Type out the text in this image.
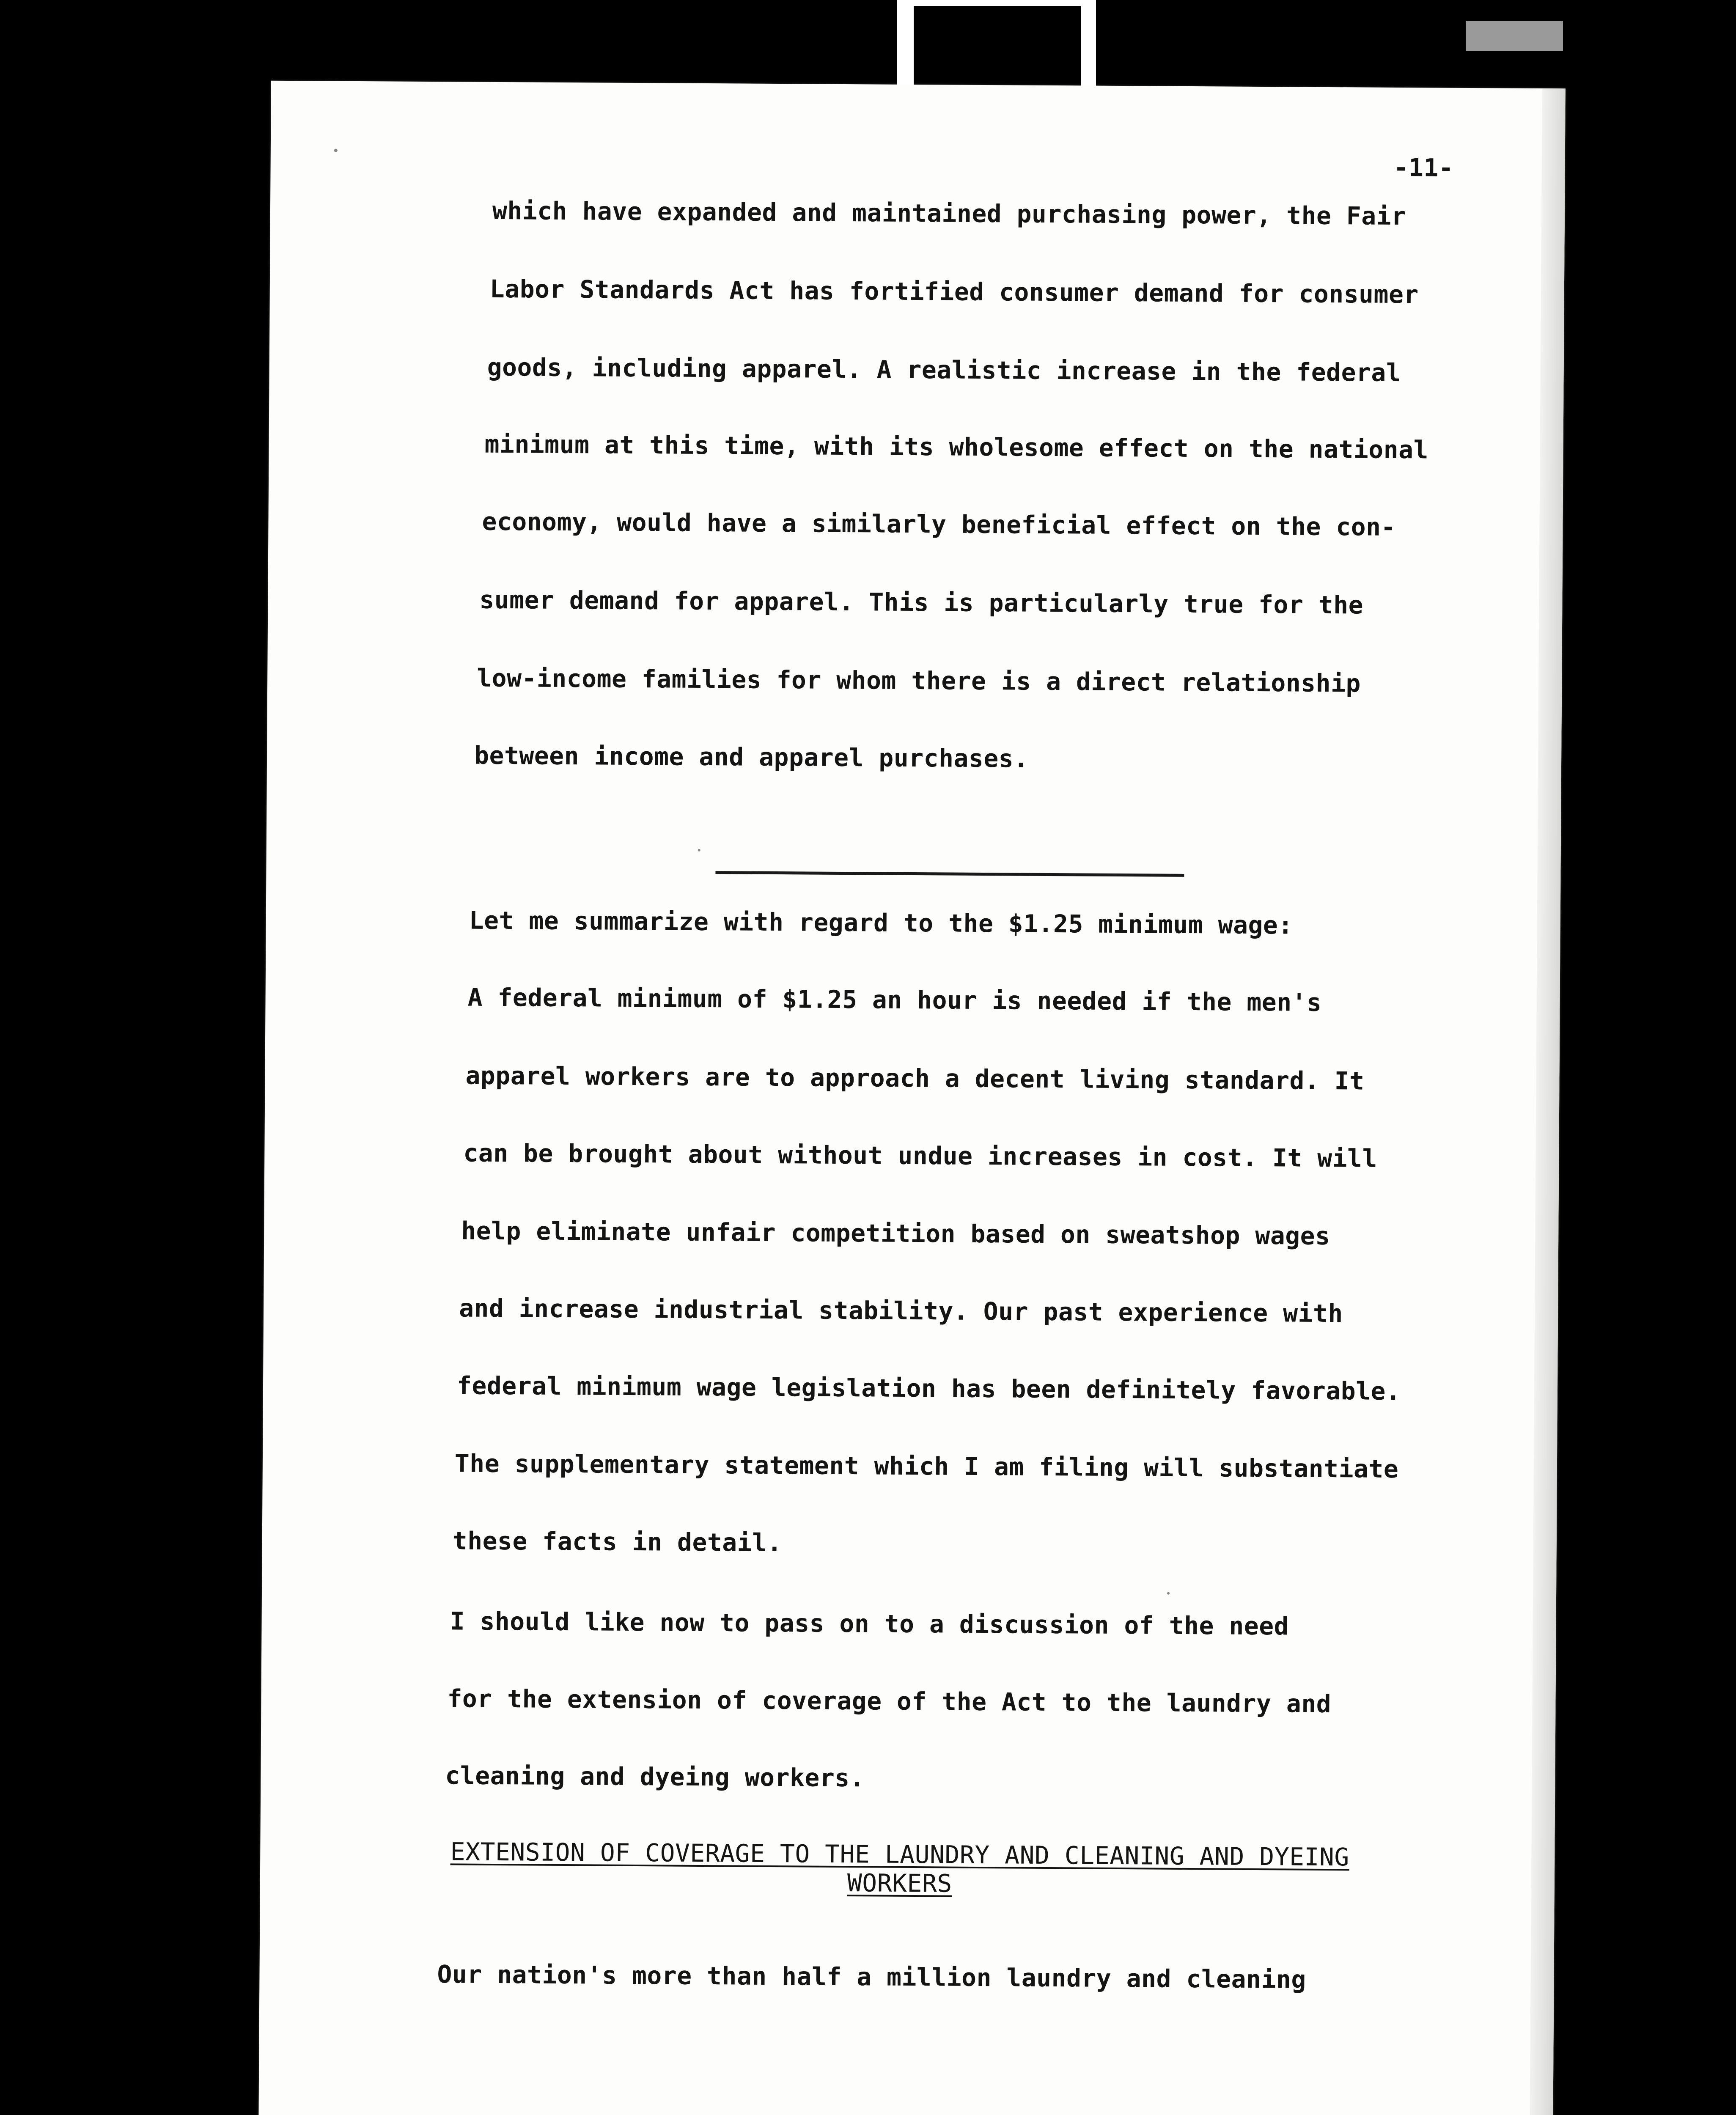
-11-
which have expanded and maintained purchasing power, the Fair
Labor Standards Act has fortified consumer demand for consumer
goods, including apparel. A realistic increase in the federal
minimum at this time, with its wholesome effect on the national
economy, would have a similarly beneficial effect on the con-
sumer demand for apparel. This is particularly true for the
low-income families for whom there is a direct relationship
between income and apparel purchases.
Let me summarize with regard to the $1.25 minimum wage:
A federal minimum of $1.25 an hour is needed if the men's
apparel workers are to approach a decent living standard. It
can be brought about without undue increases in cost. It will
help eliminate unfair competition based on sweatshop wages
and increase industrial stability. Our past experience with
federal minimum wage legislation has been definitely favorable.
The supplementary statement which I am filing will substantiate
these facts in detail.
I should like now to pass on to a discussion of the need
for the extension of coverage of the Act to the laundry and
cleaning and dyeing workers.
EXTENSION OF COVERAGE TO THE LAUNDRY AND CLEANING AND DYEING
WORKERS
Our nation's more than half a million laundry and cleaning
